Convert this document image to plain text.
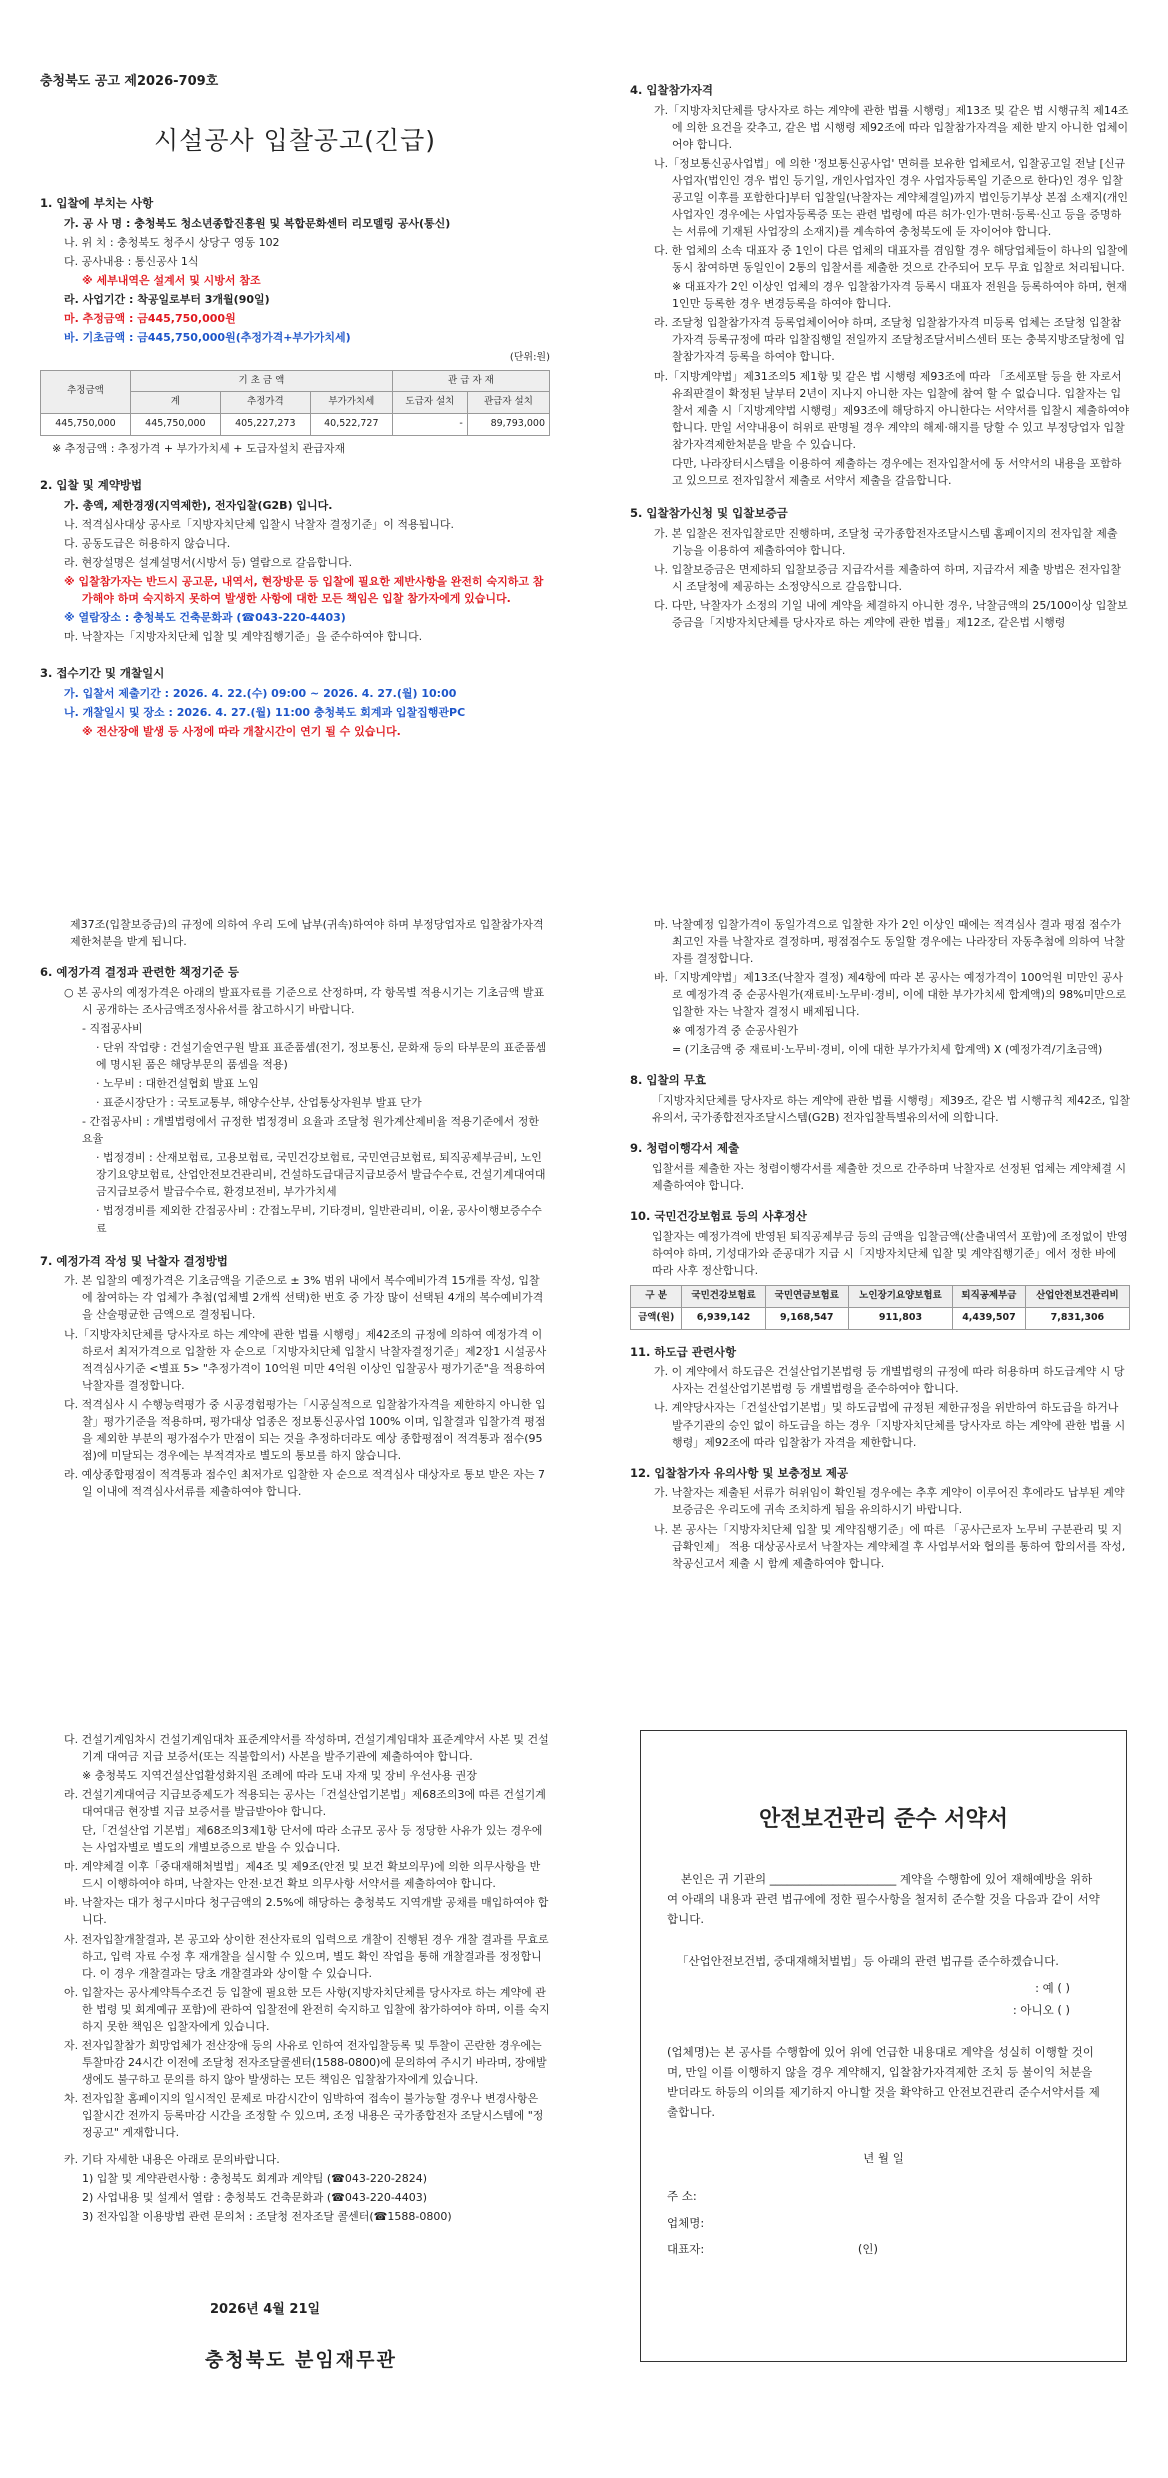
충청북도 공고 제2026-709호
시설공사 입찰공고(긴급)
1. 입찰에 부치는 사항
가. 공 사 명 : 충청북도 청소년종합진흥원 및 복합문화센터 리모델링 공사(통신)
나. 위 치 : 충청북도 청주시 상당구 영동 102
다. 공사내용 : 통신공사 1식
※ 세부내역은 설계서 및 시방서 참조
라. 사업기간 : 착공일로부터 3개월(90일)
마. 추정금액 : 금445,750,000원
바. 기초금액 : 금445,750,000원(추정가격+부가가치세)
(단위:원)
추정금액	기 초 금 액			관 급 자 재	
	계	추정가격	부가가치세	도급자 설치	관급자 설치
445,750,000	445,750,000	405,227,273	40,522,727	-	89,793,000
※ 추정금액 : 추정가격 + 부가가치세 + 도급자설치 관급자재
2. 입찰 및 계약방법
가. 총액, 제한경쟁(지역제한), 전자입찰(G2B) 입니다.
나. 적격심사대상 공사로「지방자치단체 입찰시 낙찰자 결정기준」이 적용됩니다.
다. 공동도급은 허용하지 않습니다.
라. 현장설명은 설계설명서(시방서 등) 열람으로 갈음합니다.
※ 입찰참가자는 반드시 공고문, 내역서, 현장방문 등 입찰에 필요한 제반사항을 완전히 숙지하고 참가해야 하며 숙지하지 못하여 발생한 사항에 대한 모든 책임은 입찰 참가자에게 있습니다.
※ 열람장소 : 충청북도 건축문화과 (☎043-220-4403)
마. 낙찰자는「지방자치단체 입찰 및 계약집행기준」을 준수하여야 합니다.
3. 접수기간 및 개찰일시
가. 입찰서 제출기간 : 2026. 4. 22.(수) 09:00 ~ 2026. 4. 27.(월) 10:00
나. 개찰일시 및 장소 : 2026. 4. 27.(월) 11:00 충청북도 회계과 입찰집행관PC
※ 전산장애 발생 등 사정에 따라 개찰시간이 연기 될 수 있습니다.
4. 입찰참가자격
가.「지방자치단체를 당사자로 하는 계약에 관한 법률 시행령」제13조 및 같은 법 시행규칙 제14조에 의한 요건을 갖추고, 같은 법 시행령 제92조에 따라 입찰참가자격을 제한 받지 아니한 업체이어야 합니다.
나.「정보통신공사업법」에 의한 '정보통신공사업' 면허를 보유한 업체로서, 입찰공고일 전날 [신규사업자(법인인 경우 법인 등기일, 개인사업자인 경우 사업자등록일 기준으로 한다)인 경우 입찰공고일 이후를 포함한다]부터 입찰일(낙찰자는 계약체결일)까지 법인등기부상 본점 소재지(개인사업자인 경우에는 사업자등록증 또는 관련 법령에 따른 허가·인가·면허·등록·신고 등을 증명하는 서류에 기재된 사업장의 소재지)를 계속하여 충청북도에 둔 자이어야 합니다.
다. 한 업체의 소속 대표자 중 1인이 다른 업체의 대표자를 겸임할 경우 해당업체들이 하나의 입찰에 동시 참여하면 동일인이 2통의 입찰서를 제출한 것으로 간주되어 모두 무효 입찰로 처리됩니다.
※ 대표자가 2인 이상인 업체의 경우 입찰참가자격 등록시 대표자 전원을 등록하여야 하며, 현재 1인만 등록한 경우 변경등록을 하여야 합니다.
라. 조달청 입찰참가자격 등록업체이어야 하며, 조달청 입찰참가자격 미등록 업체는 조달청 입찰참가자격 등록규정에 따라 입찰집행일 전일까지 조달청조달서비스센터 또는 충북지방조달청에 입찰참가자격 등록을 하여야 합니다.
마.「지방계약법」제31조의5 제1항 및 같은 법 시행령 제93조에 따라 「조세포탈 등을 한 자로서 유죄판결이 확정된 날부터 2년이 지나지 아니한 자는 입찰에 참여 할 수 없습니다. 입찰자는 입찰서 제출 시「지방계약법 시행령」제93조에 해당하지 아니한다는 서약서를 입찰시 제출하여야 합니다. 만일 서약내용이 허위로 판명될 경우 계약의 해제·해지를 당할 수 있고 부정당업자 입찰참가자격제한처분을 받을 수 있습니다.
다만, 나라장터시스템을 이용하여 제출하는 경우에는 전자입찰서에 동 서약서의 내용을 포함하고 있으므로 전자입찰서 제출로 서약서 제출을 갈음합니다.
5. 입찰참가신청 및 입찰보증금
가. 본 입찰은 전자입찰로만 진행하며, 조달청 국가종합전자조달시스템 홈페이지의 전자입찰 제출 기능을 이용하여 제출하여야 합니다.
나. 입찰보증금은 면제하되 입찰보증금 지급각서를 제출하여 하며, 지급각서 제출 방법은 전자입찰시 조달청에 제공하는 소정양식으로 갈음합니다.
다. 다만, 낙찰자가 소정의 기일 내에 계약을 체결하지 아니한 경우, 낙찰금액의 25/100이상 입찰보증금을「지방자치단체를 당사자로 하는 계약에 관한 법률」제12조, 같은법 시행령
제37조(입찰보증금)의 규정에 의하여 우리 도에 납부(귀속)하여야 하며 부정당업자로 입찰참가자격 제한처분을 받게 됩니다.
6. 예정가격 결정과 관련한 책정기준 등
○ 본 공사의 예정가격은 아래의 발표자료를 기준으로 산정하며, 각 항목별 적용시기는 기초금액 발표 시 공개하는 조사금액조정사유서를 참고하시기 바랍니다.
- 직접공사비
· 단위 작업량 : 건설기술연구원 발표 표준품셈(전기, 정보통신, 문화재 등의 타부문의 표준품셈에 명시된 품은 해당부문의 품셈을 적용)
· 노무비 : 대한건설협회 발표 노임
· 표준시장단가 : 국토교통부, 해양수산부, 산업통상자원부 발표 단가
- 간접공사비 : 개별법령에서 규정한 법정경비 요율과 조달청 원가계산제비율 적용기준에서 정한 요율
· 법정경비 : 산재보험료, 고용보험료, 국민건강보험료, 국민연금보험료, 퇴직공제부금비, 노인장기요양보험료, 산업안전보건관리비, 건설하도급대금지급보증서 발급수수료, 건설기계대여대금지급보증서 발급수수료, 환경보전비, 부가가치세
· 법정경비를 제외한 간접공사비 : 간접노무비, 기타경비, 일반관리비, 이윤, 공사이행보증수수료
7. 예정가격 작성 및 낙찰자 결정방법
가. 본 입찰의 예정가격은 기초금액을 기준으로 ± 3% 범위 내에서 복수예비가격 15개를 작성, 입찰에 참여하는 각 업체가 추첨(업체별 2개씩 선택)한 번호 중 가장 많이 선택된 4개의 복수예비가격을 산술평균한 금액으로 결정됩니다.
나.「지방자치단체를 당사자로 하는 계약에 관한 법률 시행령」제42조의 규정에 의하여 예정가격 이하로서 최저가격으로 입찰한 자 순으로「지방자치단체 입찰시 낙찰자결정기준」제2장1 시설공사 적격심사기준 <별표 5> "추정가격이 10억원 미만 4억원 이상인 입찰공사 평가기준"을 적용하여 낙찰자를 결정합니다.
다. 적격심사 시 수행능력평가 중 시공경험평가는「시공실적으로 입찰참가자격을 제한하지 아니한 입찰」평가기준을 적용하며, 평가대상 업종은 정보통신공사업 100% 이며, 입찰결과 입찰가격 평점을 제외한 부분의 평가점수가 만점이 되는 것을 추정하더라도 예상 종합평점이 적격통과 점수(95점)에 미달되는 경우에는 부적격자로 별도의 통보를 하지 않습니다.
라. 예상종합평점이 적격통과 점수인 최저가로 입찰한 자 순으로 적격심사 대상자로 통보 받은 자는 7일 이내에 적격심사서류를 제출하여야 합니다.
마. 낙찰예정 입찰가격이 동일가격으로 입찰한 자가 2인 이상인 때에는 적격심사 결과 평점 점수가 최고인 자를 낙찰자로 결정하며, 평점점수도 동일할 경우에는 나라장터 자동추첨에 의하여 낙찰자를 결정합니다.
바.「지방계약법」제13조(낙찰자 결정) 제4항에 따라 본 공사는 예정가격이 100억원 미만인 공사로 예정가격 중 순공사원가(재료비·노무비·경비, 이에 대한 부가가치세 합계액)의 98%미만으로 입찰한 자는 낙찰자 결정시 배제됩니다.
※ 예정가격 중 순공사원가
= (기초금액 중 재료비·노무비·경비, 이에 대한 부가가치세 합계액) X (예정가격/기초금액)
8. 입찰의 무효
「지방자치단체를 당사자로 하는 계약에 관한 법률 시행령」제39조, 같은 법 시행규칙 제42조, 입찰유의서, 국가종합전자조달시스템(G2B) 전자입찰특별유의서에 의합니다.
9. 청렴이행각서 제출
입찰서를 제출한 자는 청렴이행각서를 제출한 것으로 간주하며 낙찰자로 선정된 업체는 계약체결 시 제출하여야 합니다.
10. 국민건강보험료 등의 사후정산
입찰자는 예정가격에 반영된 퇴직공제부금 등의 금액을 입찰금액(산출내역서 포함)에 조정없이 반영하여야 하며, 기성대가와 준공대가 지급 시「지방자치단체 입찰 및 계약집행기준」에서 정한 바에 따라 사후 정산합니다.
구 분	국민건강보험료	국민연금보험료	노인장기요양보험료	퇴직공제부금	산업안전보건관리비
금액(원)	6,939,142	9,168,547	911,803	4,439,507	7,831,306
11. 하도급 관련사항
가. 이 계약에서 하도급은 건설산업기본법령 등 개별법령의 규정에 따라 허용하며 하도급계약 시 당사자는 건설산업기본법령 등 개별법령을 준수하여야 합니다.
나. 계약당사자는「건설산업기본법」및 하도급법에 규정된 제한규정을 위반하여 하도급을 하거나 발주기관의 승인 없이 하도급을 하는 경우「지방자치단체를 당사자로 하는 계약에 관한 법률 시행령」제92조에 따라 입찰참가 자격을 제한합니다.
12. 입찰참가자 유의사항 및 보충정보 제공
가. 낙찰자는 제출된 서류가 허위임이 확인될 경우에는 추후 계약이 이루어진 후에라도 납부된 계약보증금은 우리도에 귀속 조치하게 됨을 유의하시기 바랍니다.
나. 본 공사는「지방자치단체 입찰 및 계약집행기준」에 따른 「공사근로자 노무비 구분관리 및 지급확인제」 적용 대상공사로서 낙찰자는 계약체결 후 사업부서와 협의를 통하여 합의서를 작성, 착공신고서 제출 시 함께 제출하여야 합니다.
다. 건설기계임차시 건설기계임대차 표준계약서를 작성하며, 건설기계임대차 표준계약서 사본 및 건설기계 대여금 지급 보증서(또는 직불합의서) 사본을 발주기관에 제출하여야 합니다.
※ 충청북도 지역건설산업활성화지원 조례에 따라 도내 자재 및 장비 우선사용 권장
라. 건설기계대여금 지급보증제도가 적용되는 공사는「건설산업기본법」제68조의3에 따른 건설기계대여대금 현장별 지급 보증서를 발급받아야 합니다.
단,「건설산업 기본법」제68조의3제1항 단서에 따라 소규모 공사 등 정당한 사유가 있는 경우에는 사업자별로 별도의 개별보증으로 받을 수 있습니다.
마. 계약체결 이후「중대재해처벌법」제4조 및 제9조(안전 및 보건 확보의무)에 의한 의무사항을 반드시 이행하여야 하며, 낙찰자는 안전·보건 확보 의무사항 서약서를 제출하여야 합니다.
바. 낙찰자는 대가 청구시마다 청구금액의 2.5%에 해당하는 충청북도 지역개발 공채를 매입하여야 합니다.
사. 전자입찰개찰결과, 본 공고와 상이한 전산자료의 입력으로 개찰이 진행된 경우 개찰 결과를 무효로 하고, 입력 자료 수정 후 재개찰을 실시할 수 있으며, 별도 확인 작업을 통해 개찰결과를 정정합니다. 이 경우 개찰결과는 당초 개찰결과와 상이할 수 있습니다.
아. 입찰자는 공사계약특수조건 등 입찰에 필요한 모든 사항(지방자치단체를 당사자로 하는 계약에 관한 법령 및 회계예규 포함)에 관하여 입찰전에 완전히 숙지하고 입찰에 참가하여야 하며, 이를 숙지하지 못한 책임은 입찰자에게 있습니다.
자. 전자입찰참가 희망업체가 전산장애 등의 사유로 인하여 전자입찰등록 및 투찰이 곤란한 경우에는 투찰마감 24시간 이전에 조달청 전자조달콜센터(1588-0800)에 문의하여 주시기 바라며, 장애발생에도 불구하고 문의를 하지 않아 발생하는 모든 책임은 입찰참가자에게 있습니다.
차. 전자입찰 홈페이지의 일시적인 문제로 마감시간이 임박하여 접속이 불가능할 경우나 변경사항은 입찰시간 전까지 등록마감 시간을 조정할 수 있으며, 조정 내용은 국가종합전자 조달시스템에 "정정공고" 게재합니다.
카. 기타 자세한 내용은 아래로 문의바랍니다.
1) 입찰 및 계약관련사항 : 충청북도 회계과 계약팀 (☎043-220-2824)
2) 사업내용 및 설계서 열람 : 충청북도 건축문화과 (☎043-220-4403)
3) 전자입찰 이용방법 관련 문의처 : 조달청 전자조달 콜센터(☎1588-0800)
2026년 4월 21일
충청북도 분임재무관
안전보건관리 준수 서약서

본인은 귀 기관의 ______________________ 계약을 수행함에 있어 재해예방을 위하여 아래의 내용과 관련 법규에에 정한 필수사항을 철저히 준수할 것을 다음과 같이 서약합니다.

「산업안전보건법, 중대재해처벌법」등 아래의 관련 법규를 준수하겠습니다.

: 예 ( )
: 아니오 ( )

(업체명)는 본 공사를 수행함에 있어 위에 언급한 내용대로 계약을 성실히 이행할 것이며, 만일 이를 이행하지 않을 경우 계약해지, 입찰참가자격제한 조치 등 불이익 처분을 받더라도 하등의 이의를 제기하지 아니할 것을 확약하고 안전보건관리 준수서약서를 제출합니다.

년 월 일
주 소:
업체명:
대표자:	(인)
